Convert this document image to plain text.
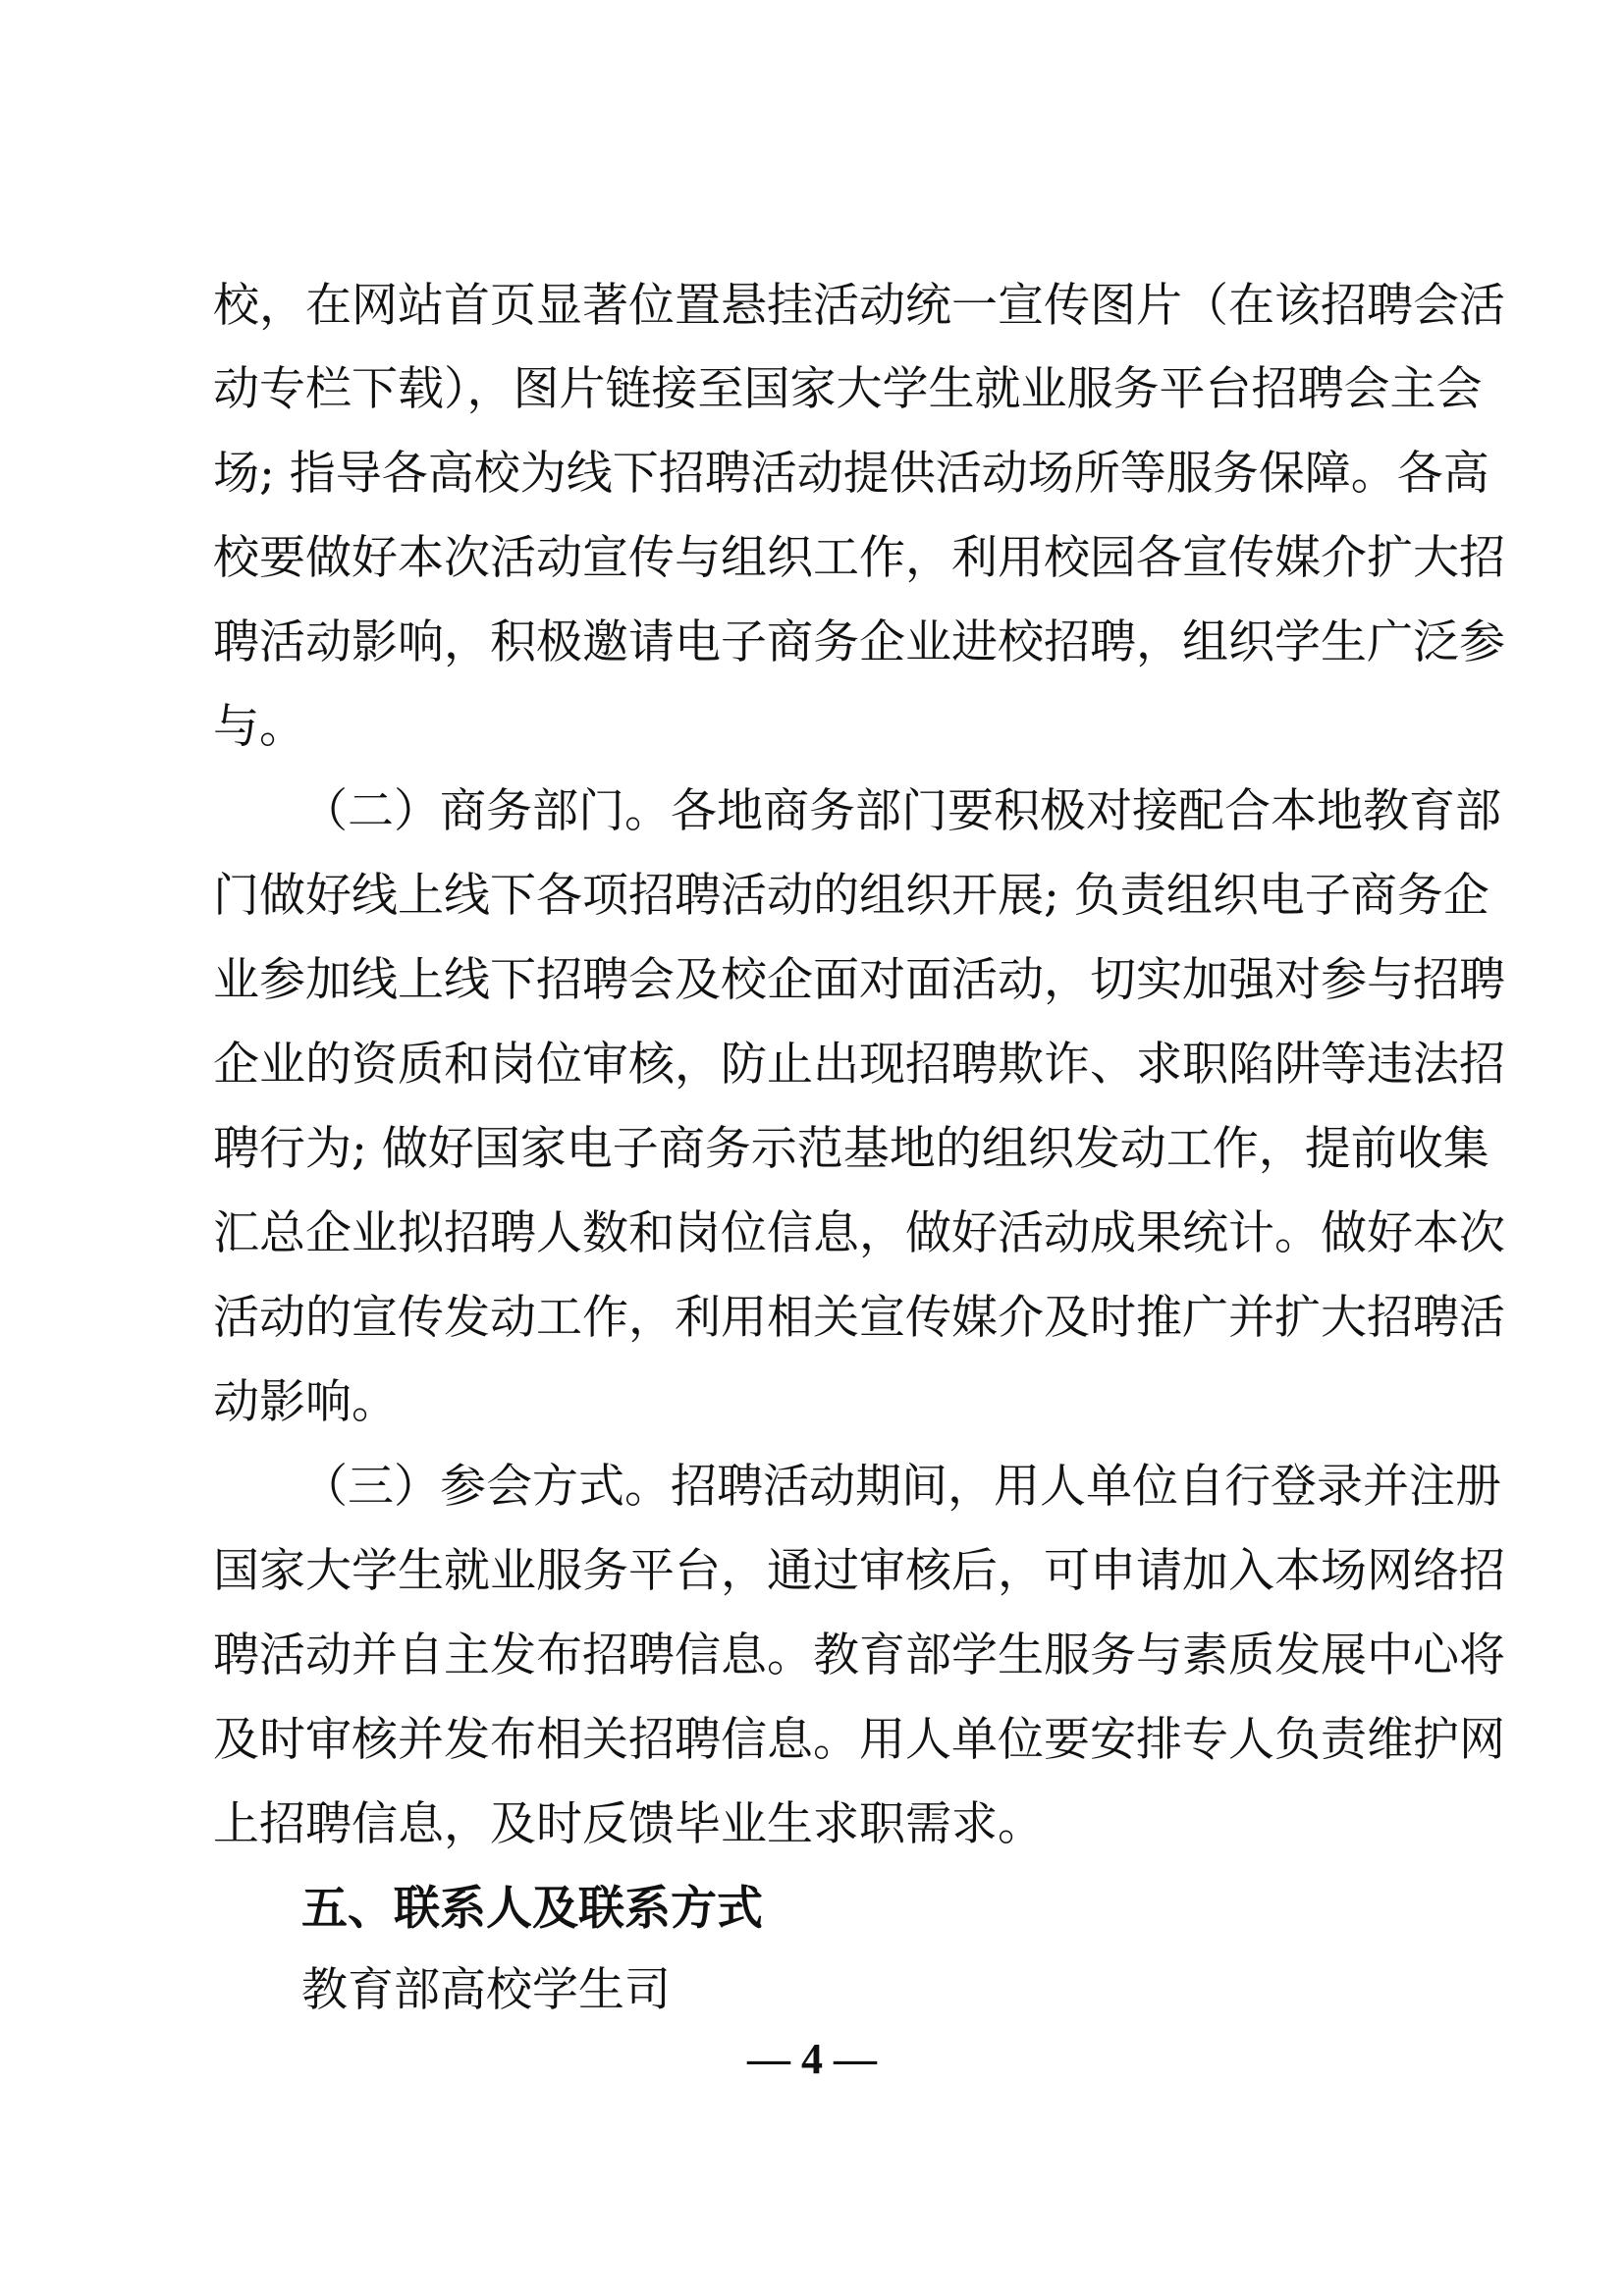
校，在网站首页显著位置悬挂活动统一宣传图片（在该招聘会活
动专栏下载），图片链接至国家大学生就业服务平台招聘会主会
场; 指导各高校为线下招聘活动提供活动场所等服务保障。各高
校要做好本次活动宣传与组织工作，利用校园各宣传媒介扩大招
聘活动影响，积极邀请电子商务企业进校招聘，组织学生广泛参
与。
（二）商务部门。各地商务部门要积极对接配合本地教育部
门做好线上线下各项招聘活动的组织开展; 负责组织电子商务企
业参加线上线下招聘会及校企面对面活动，切实加强对参与招聘
企业的资质和岗位审核，防止出现招聘欺诈、求职陷阱等违法招
聘行为; 做好国家电子商务示范基地的组织发动工作，提前收集
汇总企业拟招聘人数和岗位信息，做好活动成果统计。做好本次
活动的宣传发动工作，利用相关宣传媒介及时推广并扩大招聘活
动影响。
（三）参会方式。招聘活动期间，用人单位自行登录并注册
国家大学生就业服务平台，通过审核后，可申请加入本场网络招
聘活动并自主发布招聘信息。教育部学生服务与素质发展中心将
及时审核并发布相关招聘信息。用人单位要安排专人负责维护网
上招聘信息，及时反馈毕业生求职需求。
五、联系人及联系方式
教育部高校学生司
— 4 —
